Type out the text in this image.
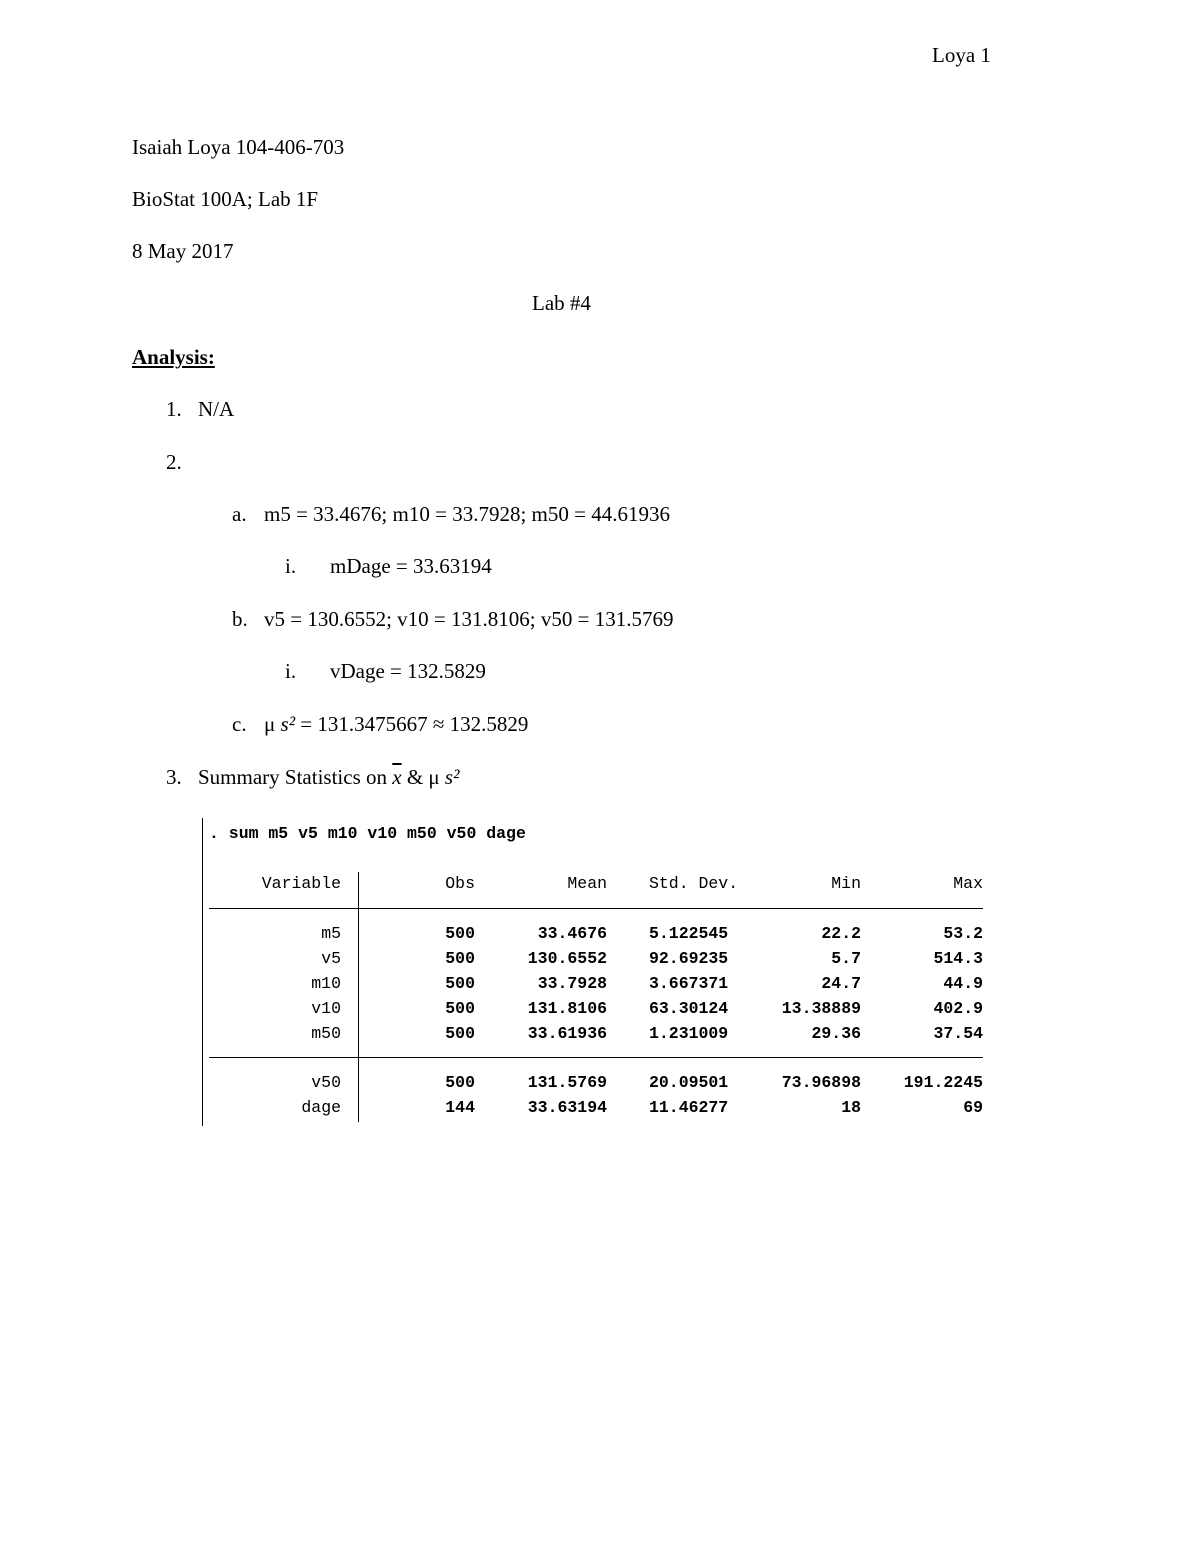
Loya 1
Isaiah Loya 104-406-703
BioStat 100A; Lab 1F
8 May 2017
Lab #4
Analysis:
1. N/A
2.
a. m5 = 33.4676; m10 = 33.7928; m50 = 44.61936
i. mDage = 33.63194
b. v5 = 130.6552; v10 = 131.8106; v50 = 131.5769
i. vDage = 132.5829
c. μ s² = 131.3475667 ≈ 132.5829
3. Summary Statistics on $\overline{x}$ & μ s²
. sum m5 v5 m10 v10 m50 v50 dage
Variable	Obs	Mean	Std. Dev.	Min	Max
m5	500	33.4676	5.122545	22.2	53.2
v5	500	130.6552	92.69235	5.7	514.3
m10	500	33.7928	3.667371	24.7	44.9
v10	500	131.8106	63.30124	13.38889	402.9
m50	500	33.61936	1.231009	29.36	37.54
v50	500	131.5769	20.09501	73.96898	191.2245
dage	144	33.63194	11.46277	18	69
